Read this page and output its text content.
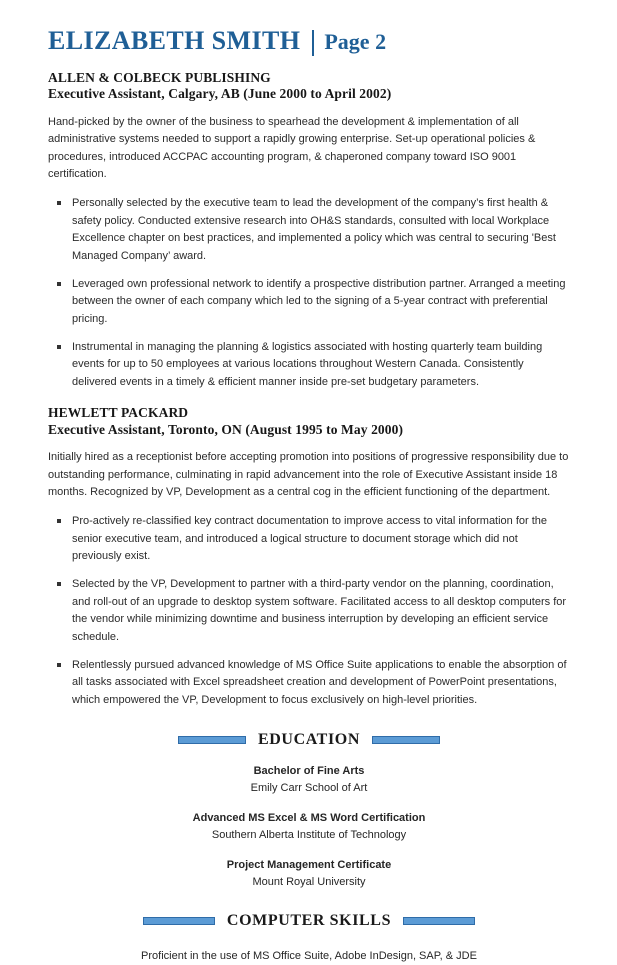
ELIZABETH SMITH Page 2
ALLEN & COLBECK PUBLISHING
Executive Assistant, Calgary, AB (June 2000 to April 2002)

Hand-picked by the owner of the business to spearhead the development & implementation of all administrative systems needed to support a rapidly growing enterprise. Set-up operational policies & procedures, introduced ACCPAC accounting program, & chaperoned company toward ISO 9001 certification.

Personally selected by the executive team to lead the development of the company’s first health & safety policy. Conducted extensive research into OH&S standards, consulted with local Workplace Excellence chapter on best practices, and implemented a policy which was central to securing 'Best Managed Company’ award.
Leveraged own professional network to identify a prospective distribution partner. Arranged a meeting between the owner of each company which led to the signing of a 5-year contract with preferential pricing.
Instrumental in managing the planning & logistics associated with hosting quarterly team building events for up to 50 employees at various locations throughout Western Canada. Consistently delivered events in a timely & efficient manner inside pre-set budgetary parameters.
HEWLETT PACKARD
Executive Assistant, Toronto, ON (August 1995 to May 2000)

Initially hired as a receptionist before accepting promotion into positions of progressive responsibility due to outstanding performance, culminating in rapid advancement into the role of Executive Assistant inside 18 months. Recognized by VP, Development as a central cog in the efficient functioning of the department.

Pro-actively re-classified key contract documentation to improve access to vital information for the senior executive team, and introduced a logical structure to document storage which did not previously exist.
Selected by the VP, Development to partner with a third-party vendor on the planning, coordination, and roll-out of an upgrade to desktop system software. Facilitated access to all desktop computers for the vendor while minimizing downtime and business interruption by developing an efficient service schedule.
Relentlessly pursued advanced knowledge of MS Office Suite applications to enable the absorption of all tasks associated with Excel spreadsheet creation and development of PowerPoint presentations, which empowered the VP, Development to focus exclusively on high-level priorities.
EDUCATION
Bachelor of Fine Arts
Emily Carr School of Art
Advanced MS Excel & MS Word Certification
Southern Alberta Institute of Technology
Project Management Certificate
Mount Royal University
COMPUTER SKILLS
Proficient in the use of MS Office Suite, Adobe InDesign, SAP, & JDE
